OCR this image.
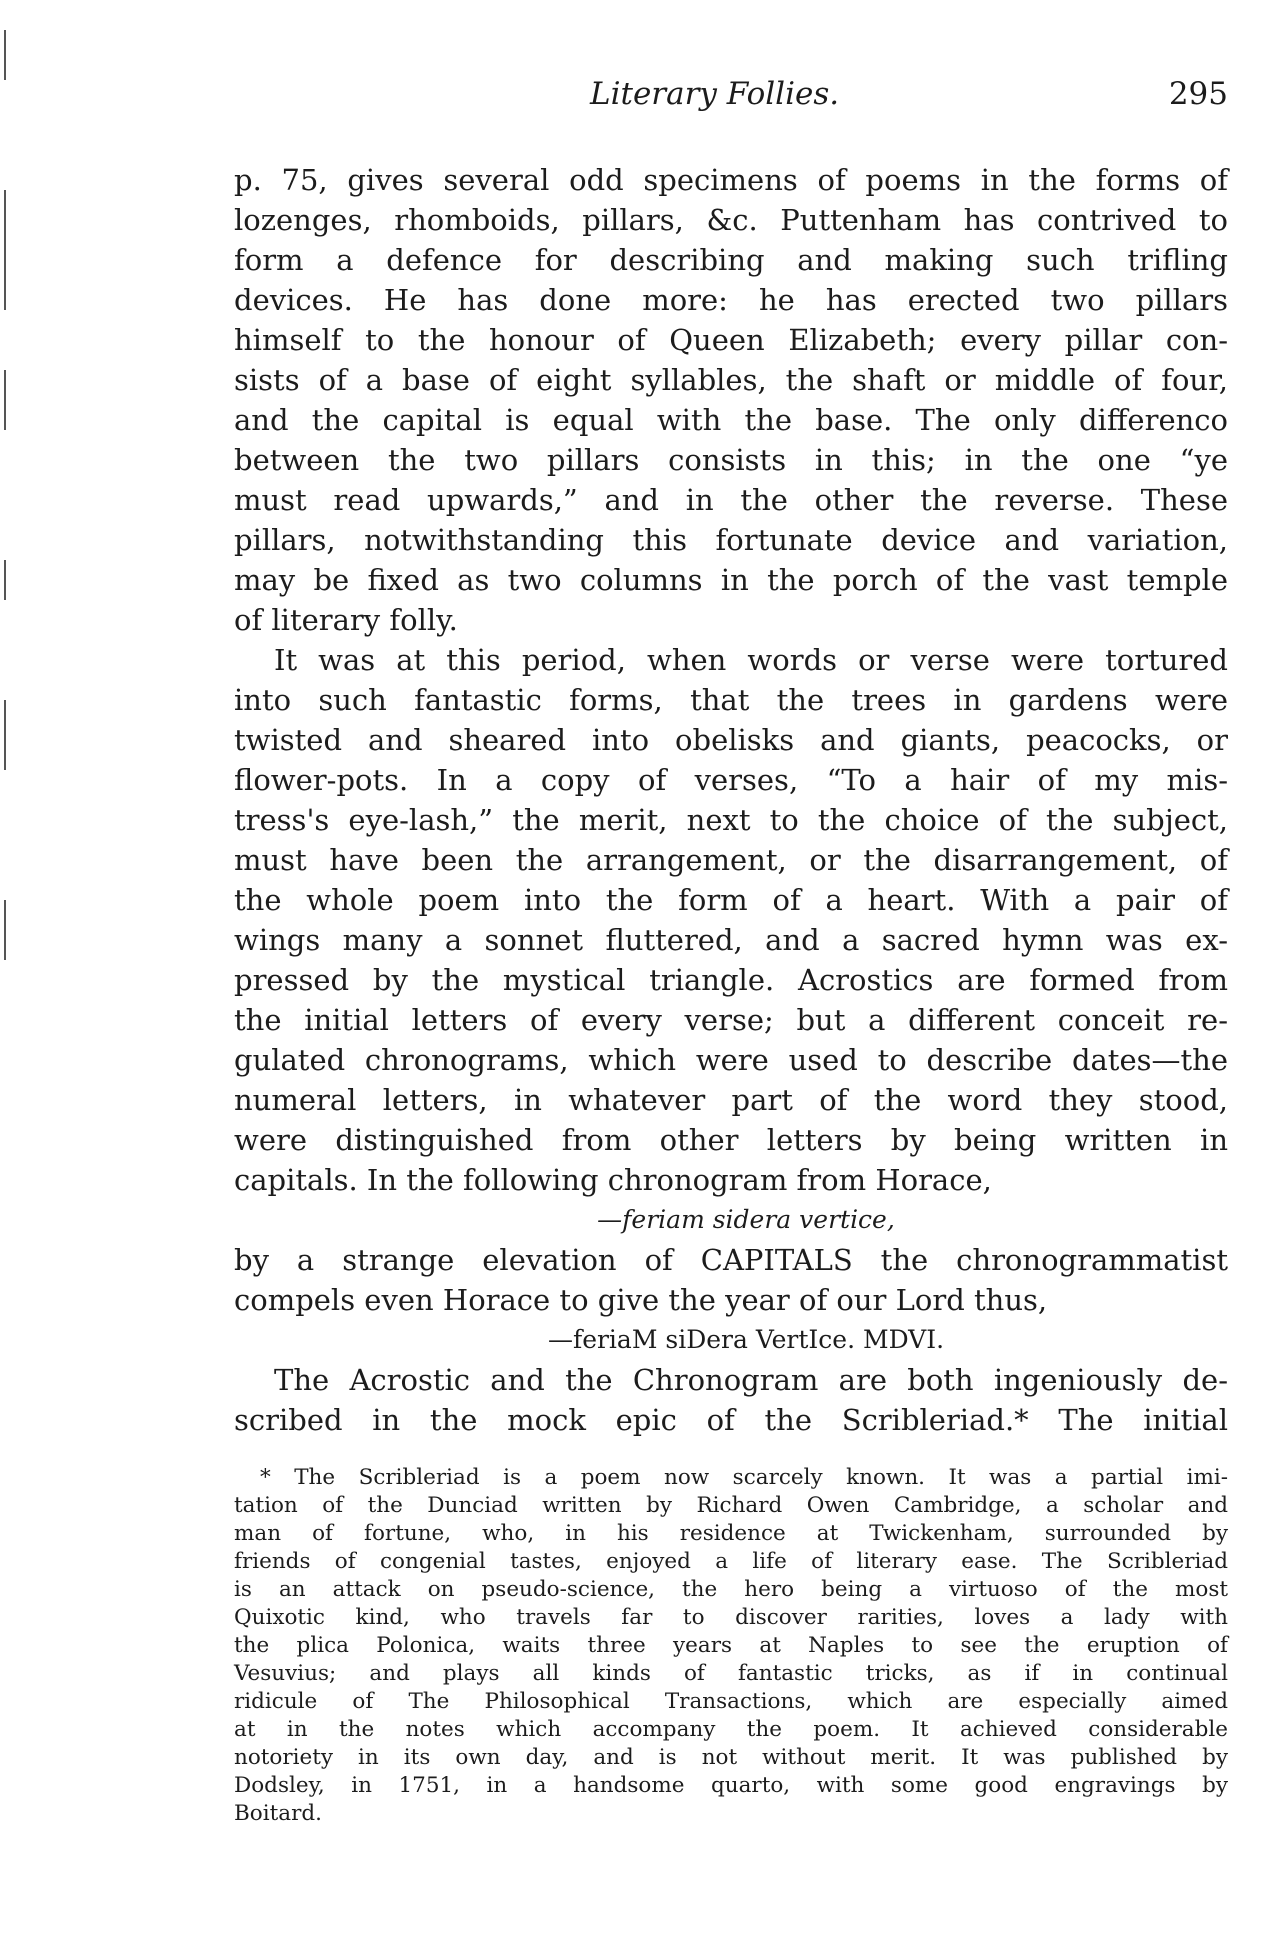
Literary Follies.	295
p. 75, gives several odd specimens of poems in the forms of
lozenges, rhomboids, pillars, &c. Puttenham has contrived to
form a defence for describing and making such trifling
devices. He has done more: he has erected two pillars
himself to the honour of Queen Elizabeth; every pillar con-
sists of a base of eight syllables, the shaft or middle of four,
and the capital is equal with the base. The only differenco
between the two pillars consists in this; in the one “ye
must read upwards,” and in the other the reverse. These
pillars, notwithstanding this fortunate device and variation,
may be fixed as two columns in the porch of the vast temple
of literary folly.
It was at this period, when words or verse were tortured
into such fantastic forms, that the trees in gardens were
twisted and sheared into obelisks and giants, peacocks, or
flower-pots. In a copy of verses, “To a hair of my mis-
tress's eye-lash,” the merit, next to the choice of the subject,
must have been the arrangement, or the disarrangement, of
the whole poem into the form of a heart. With a pair of
wings many a sonnet fluttered, and a sacred hymn was ex-
pressed by the mystical triangle. Acrostics are formed from
the initial letters of every verse; but a different conceit re-
gulated chronograms, which were used to describe dates—the
numeral letters, in whatever part of the word they stood,
were distinguished from other letters by being written in
capitals. In the following chronogram from Horace,
—feriam sidera vertice,
by a strange elevation of CAPITALS the chronogrammatist
compels even Horace to give the year of our Lord thus,
—feriaM siDera VertIce. MDVI.
The Acrostic and the Chronogram are both ingeniously de-
scribed in the mock epic of the Scribleriad.* The initial
* The Scribleriad is a poem now scarcely known. It was a partial imi-
tation of the Dunciad written by Richard Owen Cambridge, a scholar and
man of fortune, who, in his residence at Twickenham, surrounded by
friends of congenial tastes, enjoyed a life of literary ease. The Scribleriad
is an attack on pseudo-science, the hero being a virtuoso of the most
Quixotic kind, who travels far to discover rarities, loves a lady with
the plica Polonica, waits three years at Naples to see the eruption of
Vesuvius; and plays all kinds of fantastic tricks, as if in continual
ridicule of The Philosophical Transactions, which are especially aimed
at in the notes which accompany the poem. It achieved considerable
notoriety in its own day, and is not without merit. It was published by
Dodsley, in 1751, in a handsome quarto, with some good engravings by
Boitard.
